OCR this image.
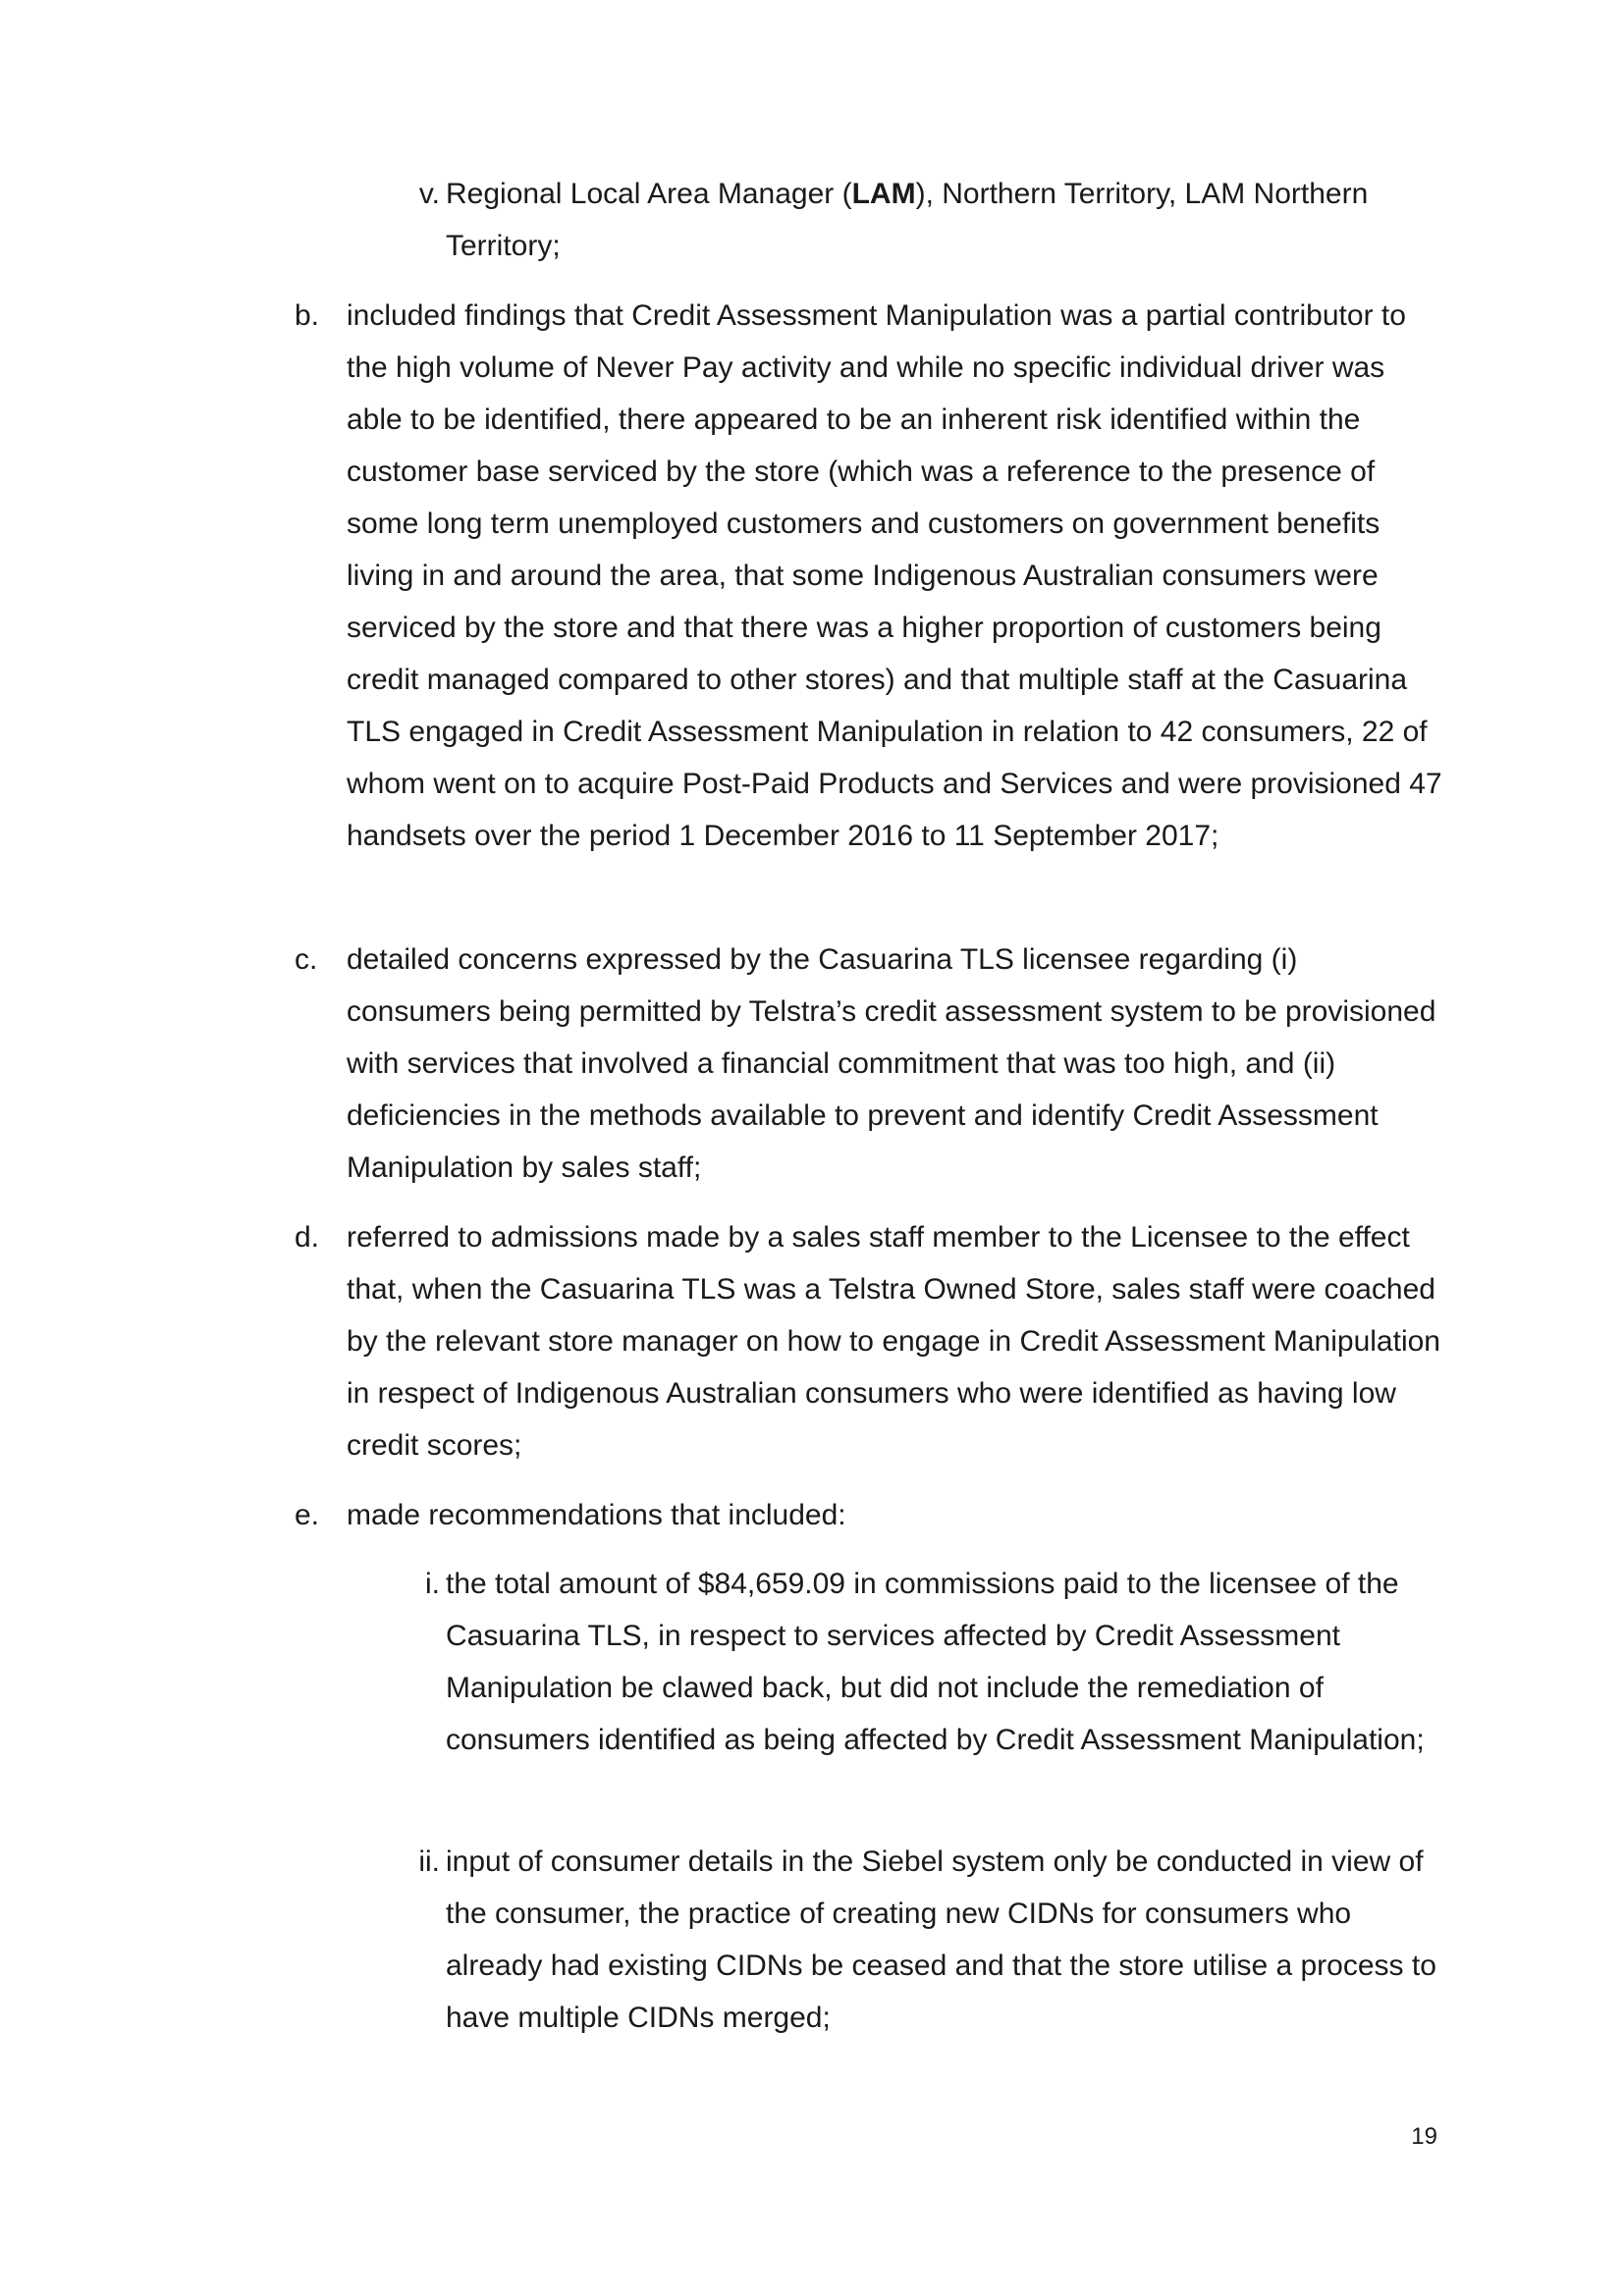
v. Regional Local Area Manager (LAM), Northern Territory, LAM Northern Territory;
b. included findings that Credit Assessment Manipulation was a partial contributor to the high volume of Never Pay activity and while no specific individual driver was able to be identified, there appeared to be an inherent risk identified within the customer base serviced by the store (which was a reference to the presence of some long term unemployed customers and customers on government benefits living in and around the area, that some Indigenous Australian consumers were serviced by the store and that there was a higher proportion of customers being credit managed compared to other stores) and that multiple staff at the Casuarina TLS engaged in Credit Assessment Manipulation in relation to 42 consumers, 22 of whom went on to acquire Post-Paid Products and Services and were provisioned 47 handsets over the period 1 December 2016 to 11 September 2017;
c. detailed concerns expressed by the Casuarina TLS licensee regarding (i) consumers being permitted by Telstra’s credit assessment system to be provisioned with services that involved a financial commitment that was too high, and (ii) deficiencies in the methods available to prevent and identify Credit Assessment Manipulation by sales staff;
d. referred to admissions made by a sales staff member to the Licensee to the effect that, when the Casuarina TLS was a Telstra Owned Store, sales staff were coached by the relevant store manager on how to engage in Credit Assessment Manipulation in respect of Indigenous Australian consumers who were identified as having low credit scores;
e. made recommendations that included:
i. the total amount of $84,659.09 in commissions paid to the licensee of the Casuarina TLS, in respect to services affected by Credit Assessment Manipulation be clawed back, but did not include the remediation of consumers identified as being affected by Credit Assessment Manipulation;
ii. input of consumer details in the Siebel system only be conducted in view of the consumer, the practice of creating new CIDNs for consumers who already had existing CIDNs be ceased and that the store utilise a process to have multiple CIDNs merged;
19
